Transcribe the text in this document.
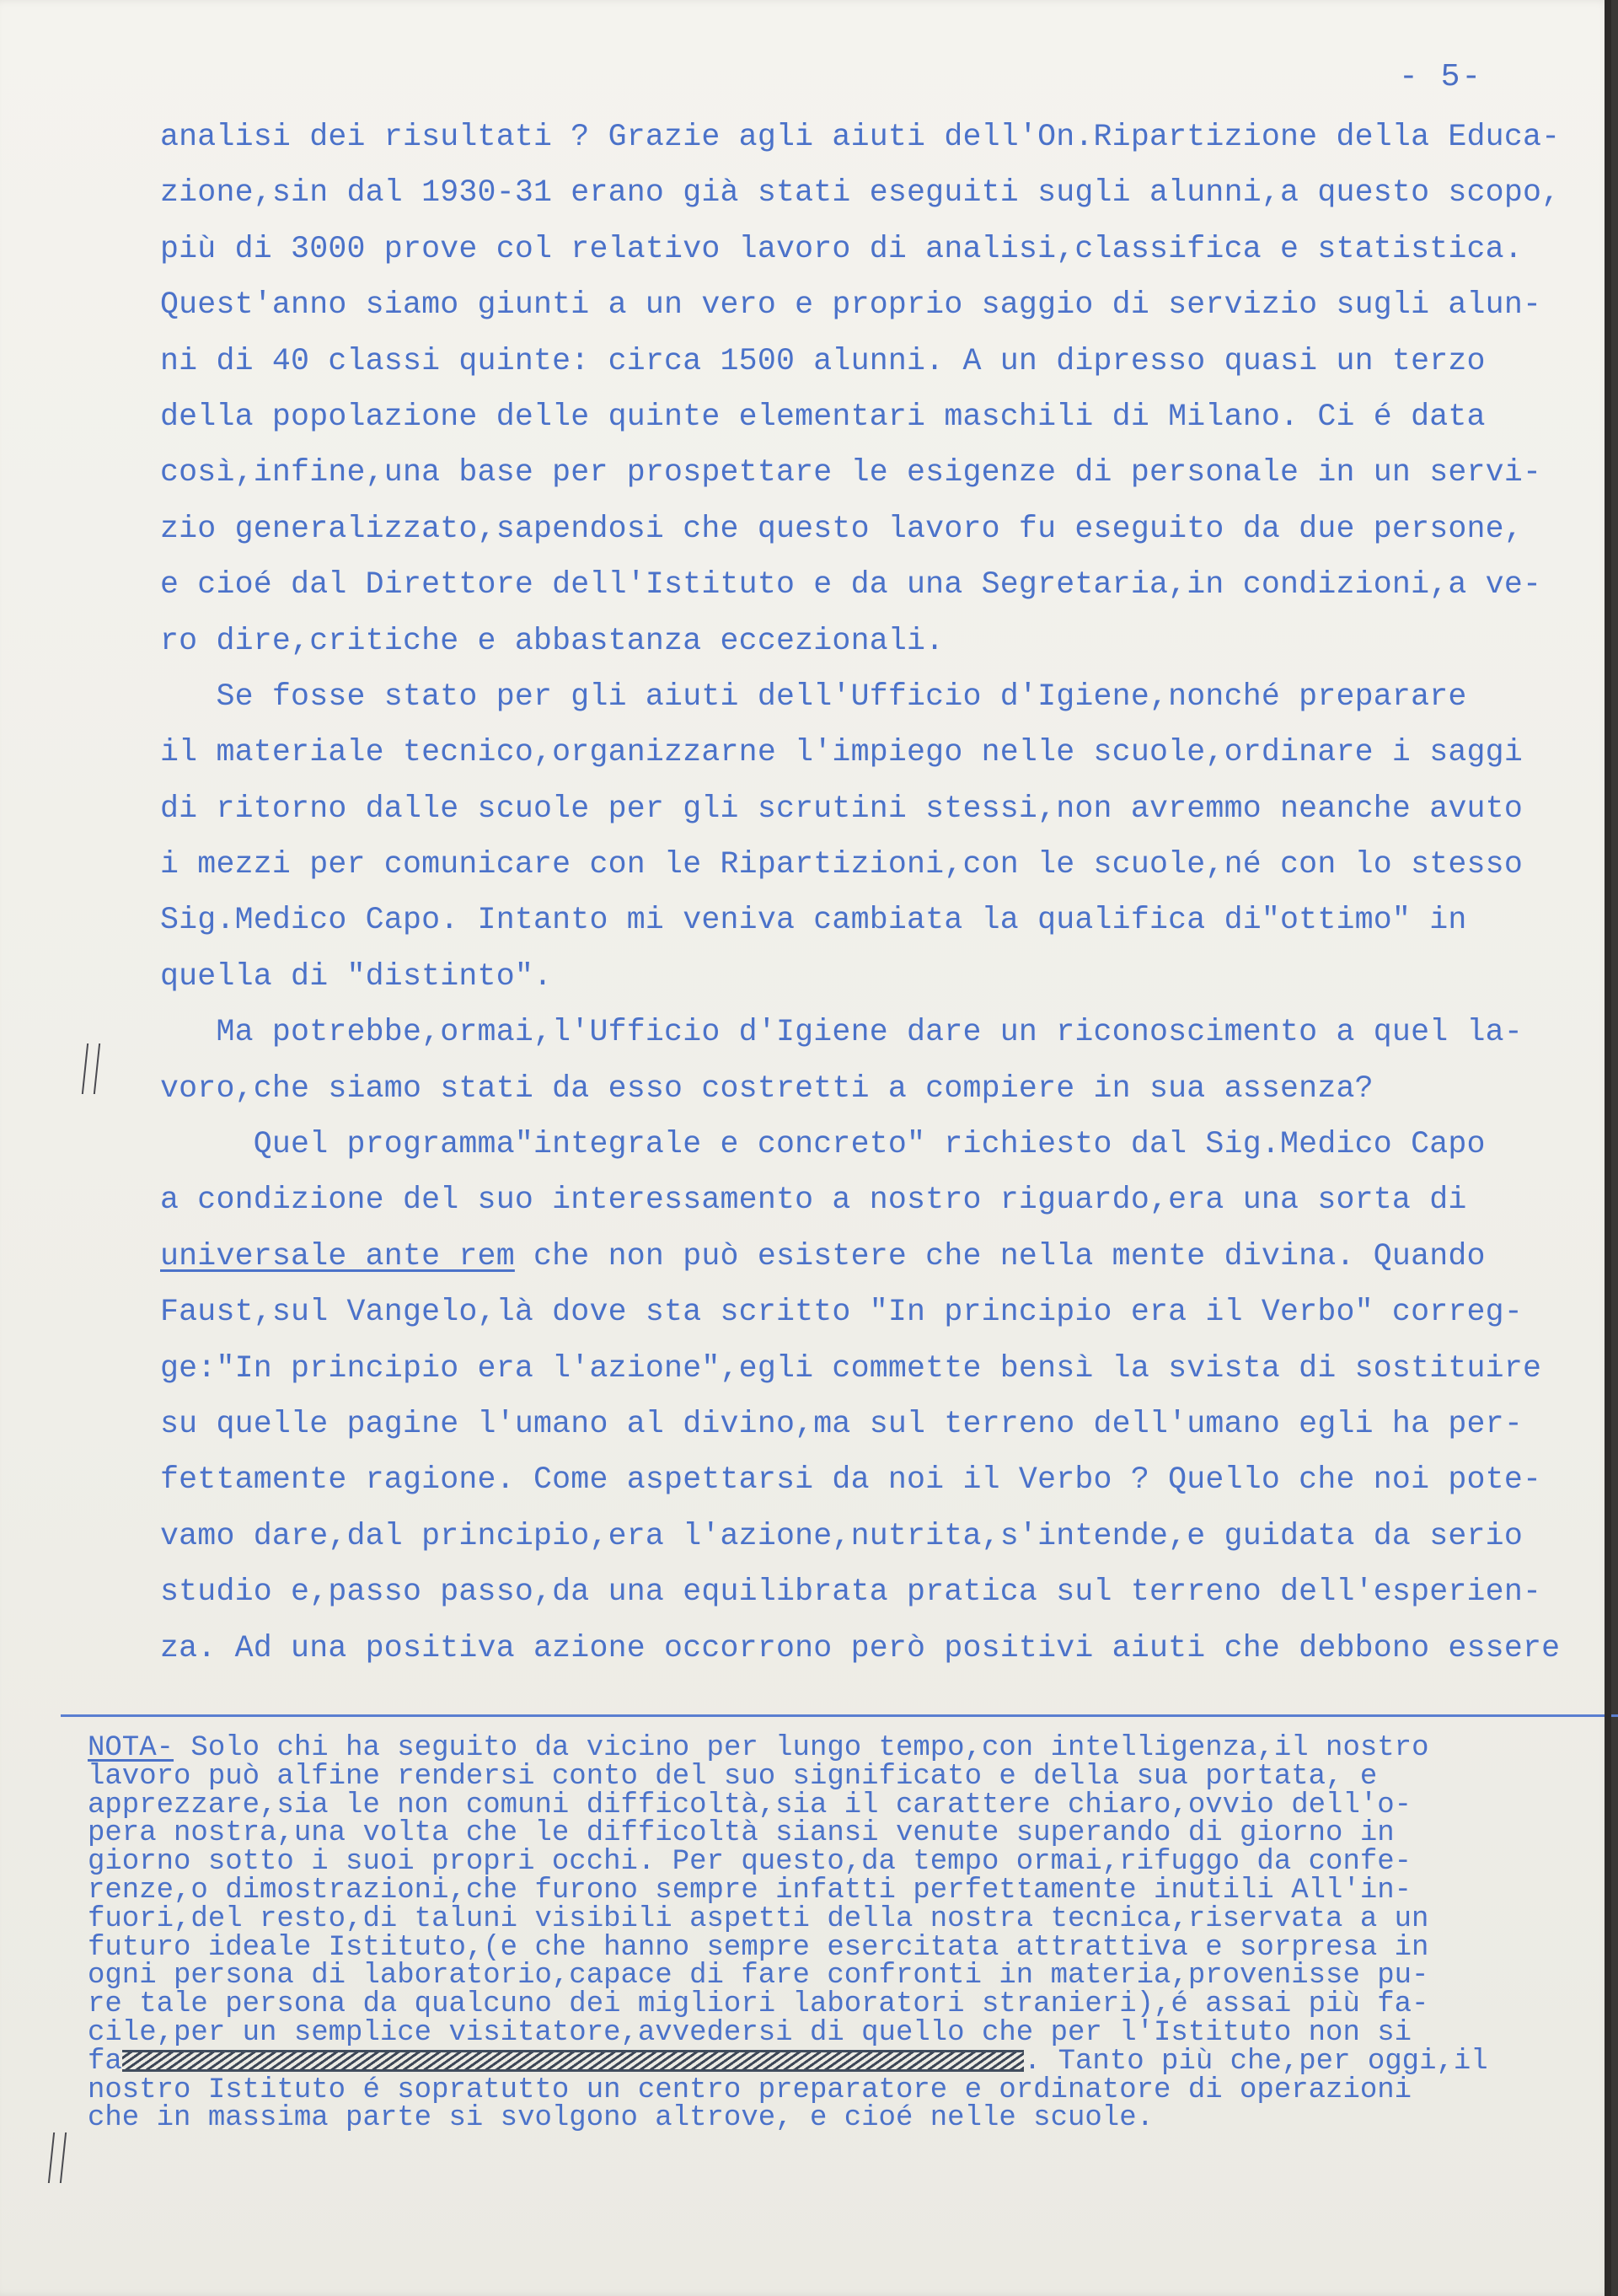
- 5-
analisi dei risultati ? Grazie agli aiuti dell'On.Ripartizione della Educa-
zione,sin dal 1930-31 erano già stati eseguiti sugli alunni,a questo scopo,
più di 3000 prove col relativo lavoro di analisi,classifica e statistica.
Quest'anno siamo giunti a un vero e proprio saggio di servizio sugli alun-
ni di 40 classi quinte: circa 1500 alunni. A un dipresso quasi un terzo
della popolazione delle quinte elementari maschili di Milano. Ci é data
così,infine,una base per prospettare le esigenze di personale in un servi-
zio generalizzato,sapendosi che questo lavoro fu eseguito da due persone,
e cioé dal Direttore dell'Istituto e da una Segretaria,in condizioni,a ve-
ro dire,critiche e abbastanza eccezionali.
Se fosse stato per gli aiuti dell'Ufficio d'Igiene,nonché preparare
il materiale tecnico,organizzarne l'impiego nelle scuole,ordinare i saggi
di ritorno dalle scuole per gli scrutini stessi,non avremmo neanche avuto
i mezzi per comunicare con le Ripartizioni,con le scuole,né con lo stesso
Sig.Medico Capo. Intanto mi veniva cambiata la qualifica di"ottimo" in
quella di "distinto".
Ma potrebbe,ormai,l'Ufficio d'Igiene dare un riconoscimento a quel la-
voro,che siamo stati da esso costretti a compiere in sua assenza?
Quel programma"integrale e concreto" richiesto dal Sig.Medico Capo
a condizione del suo interessamento a nostro riguardo,era una sorta di
universale ante rem che non può esistere che nella mente divina. Quando
Faust,sul Vangelo,là dove sta scritto "In principio era il Verbo" correg-
ge:"In principio era l'azione",egli commette bensì la svista di sostituire
su quelle pagine l'umano al divino,ma sul terreno dell'umano egli ha per-
fettamente ragione. Come aspettarsi da noi il Verbo ? Quello che noi pote-
vamo dare,dal principio,era l'azione,nutrita,s'intende,e guidata da serio
studio e,passo passo,da una equilibrata pratica sul terreno dell'esperien-
za. Ad una positiva azione occorrono però positivi aiuti che debbono essere
NOTA- Solo chi ha seguito da vicino per lungo tempo,con intelligenza,il nostro
lavoro può alfine rendersi conto del suo significato e della sua portata, e
apprezzare,sia le non comuni difficoltà,sia il carattere chiaro,ovvio dell'o-
pera nostra,una volta che le difficoltà siansi venute superando di giorno in
giorno sotto i suoi propri occhi. Per questo,da tempo ormai,rifuggo da confe-
renze,o dimostrazioni,che furono sempre infatti perfettamente inutili All'in-
fuori,del resto,di taluni visibili aspetti della nostra tecnica,riservata a un
futuro ideale Istituto,(e che hanno sempre esercitata attrattiva e sorpresa in
ogni persona di laboratorio,capace di fare confronti in materia,provenisse pu-
re tale persona da qualcuno dei migliori laboratori stranieri),é assai più fa-
cile,per un semplice visitatore,avvedersi di quello che per l'Istituto non si
fa	. Tanto più che,per oggi,il
nostro Istituto é sopratutto un centro preparatore e ordinatore di operazioni
che in massima parte si svolgono altrove, e cioé nelle scuole.
